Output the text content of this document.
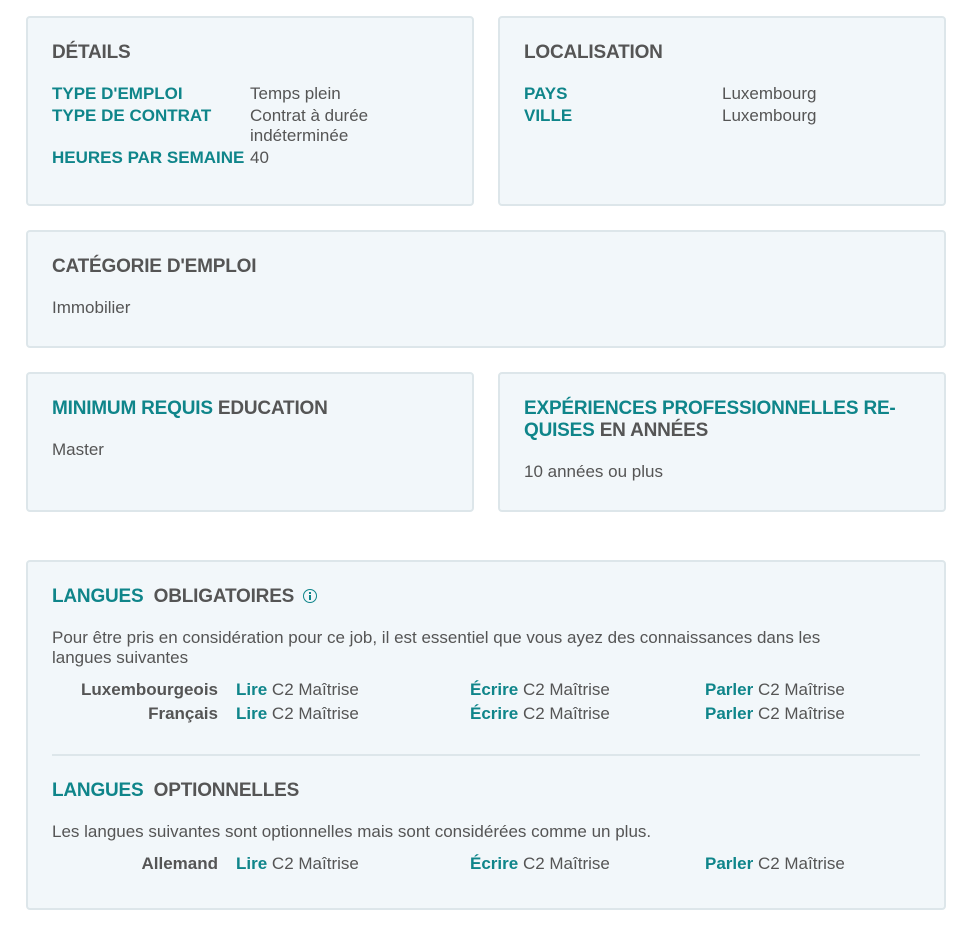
DÉTAILS
TYPE D'EMPLOI	Temps plein
TYPE DE CONTRAT	Contrat à durée indéterminée
HEURES PAR SEMAINE 40
LOCALISATION
PAYS	Luxembourg
VILLE	Luxembourg
CATÉGORIE D'EMPLOI
Immobilier
MINIMUM REQUIS EDUCATION
Master
EXPÉRIENCES PROFESSIONNELLES RE-
QUISES EN ANNÉES
10 années ou plus
LANGUES OBLIGATOIRES
Pour être pris en considération pour ce job, il est essentiel que vous ayez des connaissances dans les langues suivantes
Luxembourgeois Lire C2 Maîtrise	Écrire C2 Maîtrise	Parler C2 Maîtrise
Français Lire C2 Maîtrise	Écrire C2 Maîtrise	Parler C2 Maîtrise
LANGUES OPTIONNELLES
Les langues suivantes sont optionnelles mais sont considérées comme un plus.
Allemand Lire C2 Maîtrise	Écrire C2 Maîtrise	Parler C2 Maîtrise
